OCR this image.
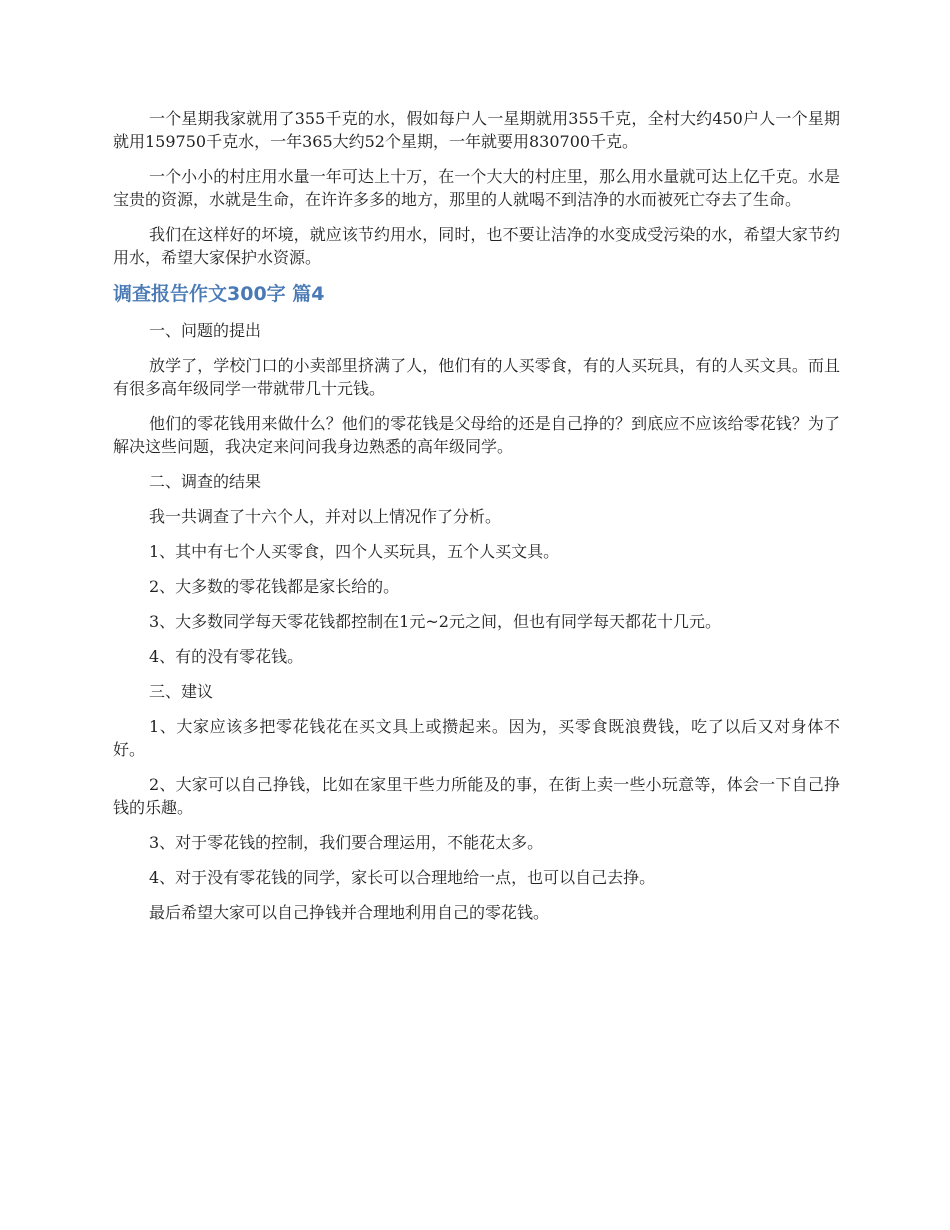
一个星期我家就用了355千克的水，假如每户人一星期就用355千克，全村大约450户人一个星期就用159750千克水，一年365大约52个星期，一年就要用830700千克。

一个小小的村庄用水量一年可达上十万，在一个大大的村庄里，那么用水量就可达上亿千克。水是宝贵的资源，水就是生命，在许许多多的地方，那里的人就喝不到洁净的水而被死亡夺去了生命。

我们在这样好的坏境，就应该节约用水，同时，也不要让洁净的水变成受污染的水，希望大家节约用水，希望大家保护水资源。

调查报告作文300字 篇4

一、问题的提出

放学了，学校门口的小卖部里挤满了人，他们有的人买零食，有的人买玩具，有的人买文具。而且有很多高年级同学一带就带几十元钱。

他们的零花钱用来做什么？他们的零花钱是父母给的还是自己挣的？到底应不应该给零花钱？为了解决这些问题，我决定来问问我身边熟悉的高年级同学。

二、调查的结果

我一共调查了十六个人，并对以上情况作了分析。

1、其中有七个人买零食，四个人买玩具，五个人买文具。

2、大多数的零花钱都是家长给的。

3、大多数同学每天零花钱都控制在1元~2元之间，但也有同学每天都花十几元。

4、有的没有零花钱。

三、建议

1、大家应该多把零花钱花在买文具上或攒起来。因为，买零食既浪费钱，吃了以后又对身体不好。

2、大家可以自己挣钱，比如在家里干些力所能及的事，在街上卖一些小玩意等，体会一下自己挣钱的乐趣。

3、对于零花钱的控制，我们要合理运用，不能花太多。

4、对于没有零花钱的同学，家长可以合理地给一点，也可以自己去挣。

最后希望大家可以自己挣钱并合理地利用自己的零花钱。
